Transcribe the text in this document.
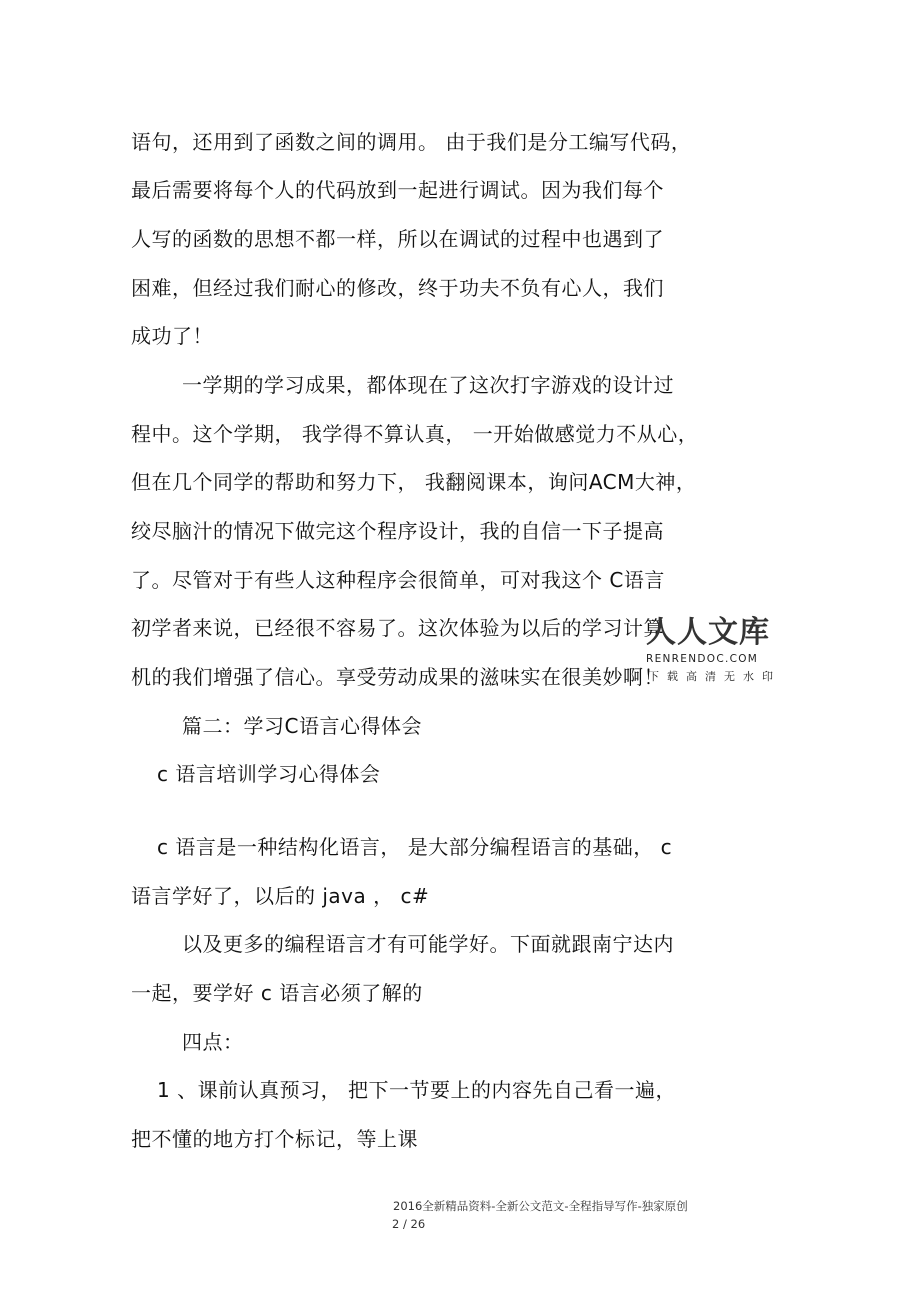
语句，还用到了函数之间的调用。 由于我们是分工编写代码，
最后需要将每个人的代码放到一起进行调试。因为我们每个
人写的函数的思想不都一样，所以在调试的过程中也遇到了
困难，但经过我们耐心的修改，终于功夫不负有心人，我们
成功了！
一学期的学习成果，都体现在了这次打字游戏的设计过
程中。这个学期， 我学得不算认真， 一开始做感觉力不从心，
但在几个同学的帮助和努力下， 我翻阅课本，询问ACM大神，
绞尽脑汁的情况下做完这个程序设计，我的自信一下子提高
了。尽管对于有些人这种程序会很简单，可对我这个 C语言
初学者来说，已经很不容易了。这次体验为以后的学习计算
机的我们增强了信心。享受劳动成果的滋味实在很美妙啊！
篇二：学习C语言心得体会
c 语言培训学习心得体会
c 语言是一种结构化语言， 是大部分编程语言的基础， c
语言学好了，以后的 java ， c#
以及更多的编程语言才有可能学好。下面就跟南宁达内
一起，要学好 c 语言必须了解的
四点：
1 、课前认真预习， 把下一节要上的内容先自己看一遍，
把不懂的地方打个标记，等上课
人人文库
RENRENDOC.COM
下载高清无水印
2016全新精品资料-全新公文范文-全程指导写作-独家原创
2 / 26
